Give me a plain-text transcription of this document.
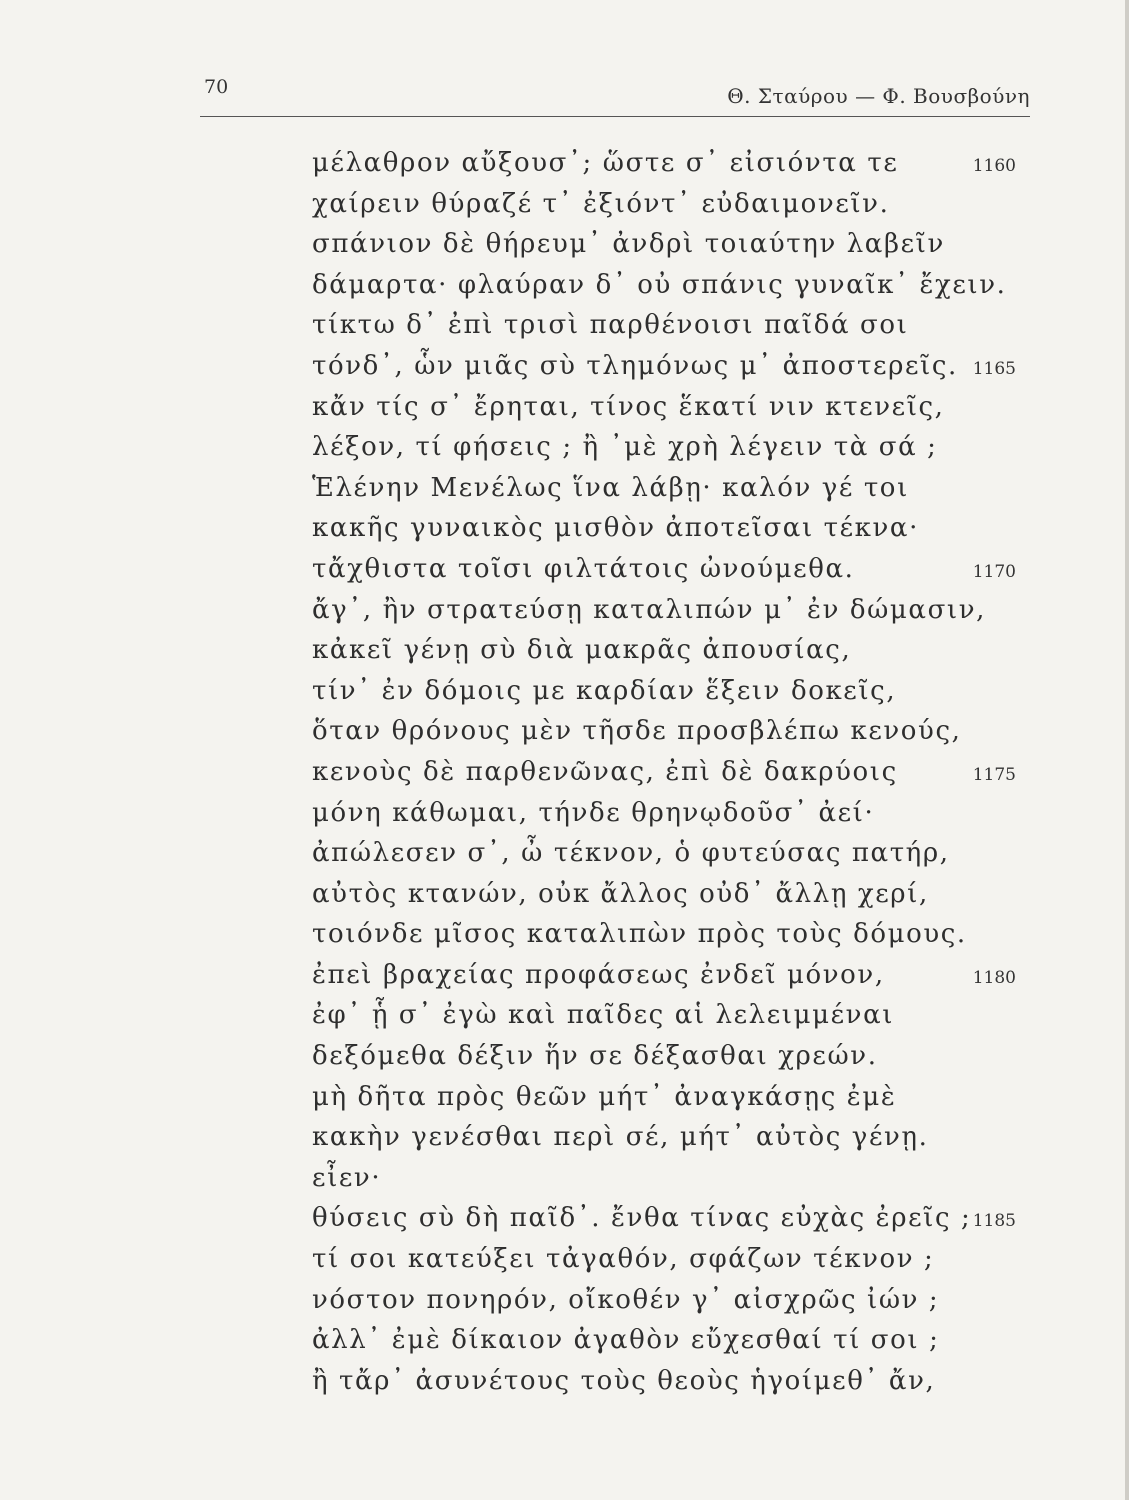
70	Θ. Σταύρου — Φ. Βουσβούνη
μέλαθρον αὔξουσ᾽; ὥστε σ᾽ εἰσιόντα τε	1160
χαίρειν θύραζέ τ᾽ ἐξιόντ᾽ εὐδαιμονεῖν.
σπάνιον δὲ θήρευμ᾽ ἀνδρὶ τοιαύτην λαβεῖν
δάμαρτα· φλαύραν δ᾽ οὐ σπάνις γυναῖκ᾽ ἔχειν.
τίκτω δ᾽ ἐπὶ τρισὶ παρθένοισι παῖδά σοι
τόνδ᾽, ὧν μιᾶς σὺ τλημόνως μ᾽ ἀποστερεῖς. 1165
κἄν τίς σ᾽ ἔρηται, τίνος ἕκατί νιν κτενεῖς,
λέξον, τί φήσεις ; ἢ ᾽μὲ χρὴ λέγειν τὰ σά ;
Ἑλένην Μενέλως ἵνα λάβῃ· καλόν γέ τοι
κακῆς γυναικὸς μισθὸν ἀποτεῖσαι τέκνα·
τἄχθιστα τοῖσι φιλτάτοις ὠνούμεθα.	1170
ἄγ᾽, ἢν στρατεύσῃ καταλιπών μ᾽ ἐν δώμασιν,
κἀκεῖ γένῃ σὺ διὰ μακρᾶς ἀπουσίας,
τίν᾽ ἐν δόμοις με καρδίαν ἕξειν δοκεῖς,
ὅταν θρόνους μὲν τῆσδε προσβλέπω κενούς,
κενοὺς δὲ παρθενῶνας, ἐπὶ δὲ δακρύοις	1175
μόνη κάθωμαι, τήνδε θρηνῳδοῦσ᾽ ἀεί·
ἀπώλεσεν σ᾽, ὦ τέκνον, ὁ φυτεύσας πατήρ,
αὐτὸς κτανών, οὐκ ἄλλος οὐδ᾽ ἄλλῃ χερί,
τοιόνδε μῖσος καταλιπὼν πρὸς τοὺς δόμους.
ἐπεὶ βραχείας προφάσεως ἐνδεῖ μόνον,	1180
ἐφ᾽ ᾗ σ᾽ ἐγὼ καὶ παῖδες αἱ λελειμμέναι
δεξόμεθα δέξιν ἥν σε δέξασθαι χρεών.
μὴ δῆτα πρὸς θεῶν μήτ᾽ ἀναγκάσῃς ἐμὲ
κακὴν γενέσθαι περὶ σέ, μήτ᾽ αὐτὸς γένῃ.
εἶεν·
θύσεις σὺ δὴ παῖδ᾽. ἔνθα τίνας εὐχὰς ἐρεῖς ; 1185
τί σοι κατεύξει τἀγαθόν, σφάζων τέκνον ;
νόστον πονηρόν, οἴκοθέν γ᾽ αἰσχρῶς ἰών ;
ἀλλ᾽ ἐμὲ δίκαιον ἀγαθὸν εὔχεσθαί τί σοι ;
ἢ τἄρ᾽ ἀσυνέτους τοὺς θεοὺς ἡγοίμεθ᾽ ἄν,
